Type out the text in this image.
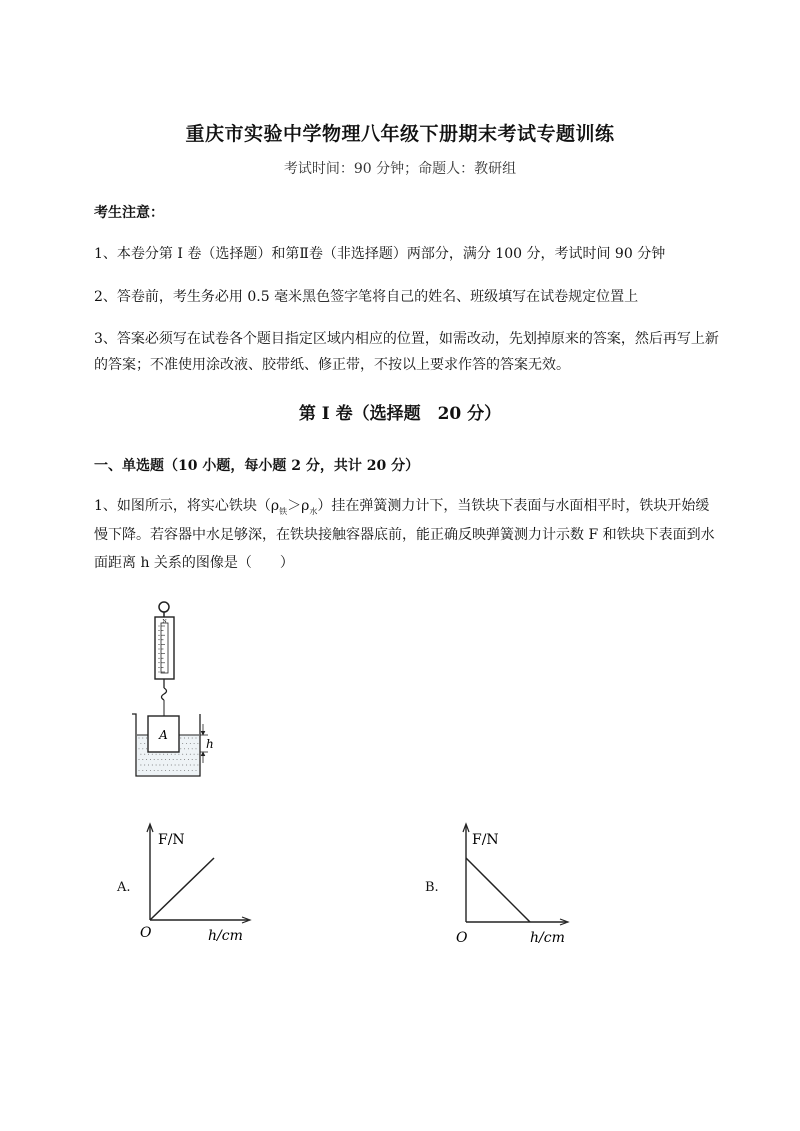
重庆市实验中学物理八年级下册期末考试专题训练
考试时间：90 分钟；命题人：教研组
考生注意：
1、本卷分第 I 卷（选择题）和第Ⅱ卷（非选择题）两部分，满分 100 分，考试时间 90 分钟
2、答卷前，考生务必用 0.5 毫米黑色签字笔将自己的姓名、班级填写在试卷规定位置上
3、答案必须写在试卷各个题目指定区域内相应的位置，如需改动，先划掉原来的答案，然后再写上新
的答案；不准使用涂改液、胶带纸、修正带，不按以上要求作答的答案无效。
第 I 卷（选择题　20 分）
一、单选题（10 小题，每小题 2 分，共计 20 分）
1、如图所示，将实心铁块$(\rho_铁>\rho_水)$挂在弹簧测力计下，当铁块下表面与水面相平时，铁块开始缓
慢下降。若容器中水足够深，在铁块接触容器底前，能正确反映弹簧测力计示数 F 和铁块下表面到水
面距离 h 关系的图像是（　　）
N
A
h
A.
F/N
h/cm
O
B.
F/N
h/cm
O
